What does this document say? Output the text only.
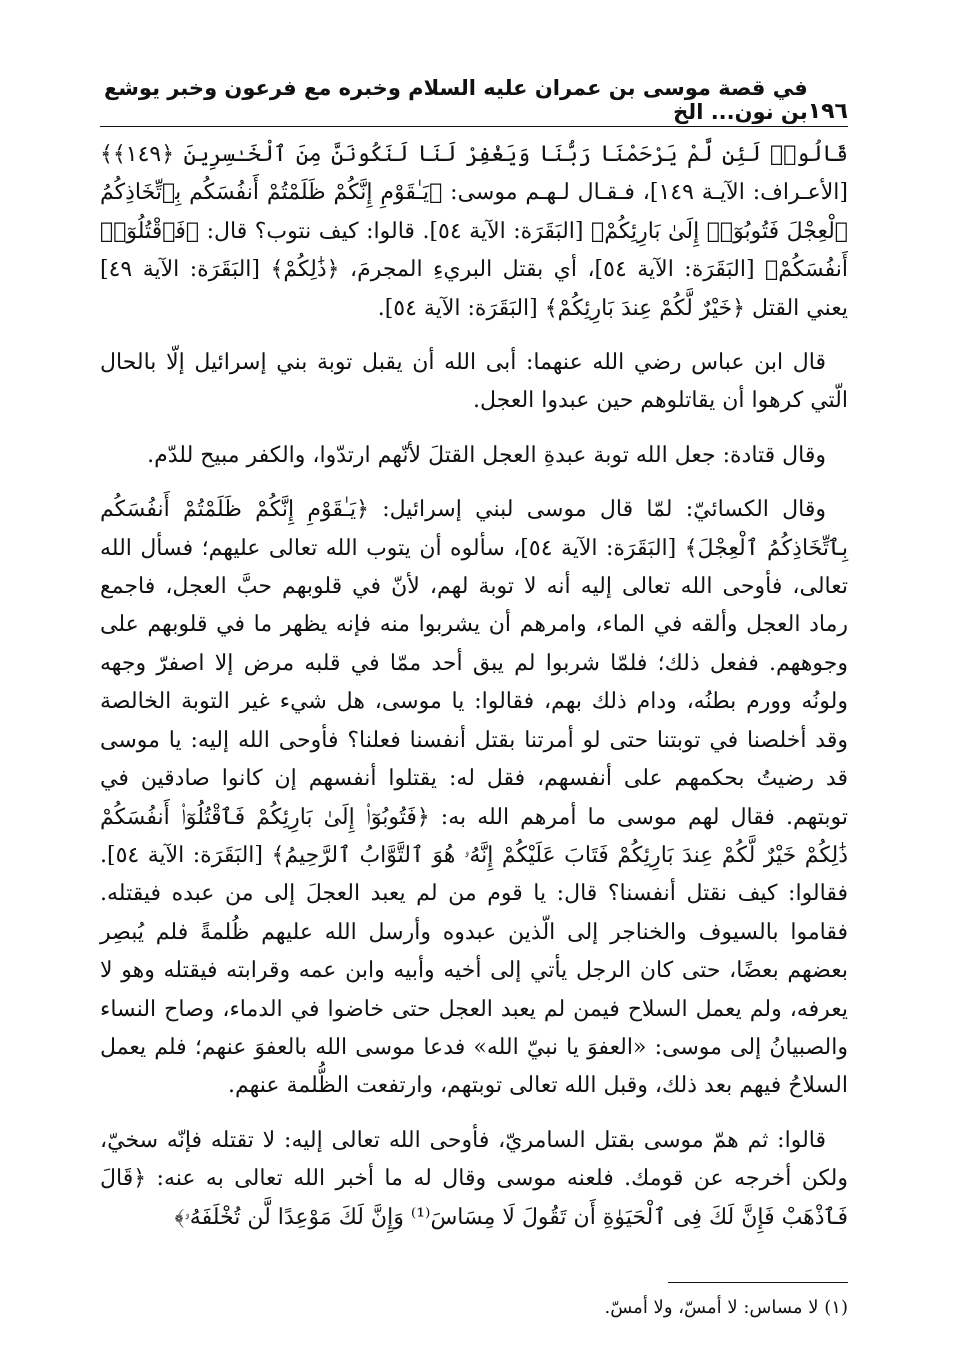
١٩٦
في قصة موسى بن عمران عليه السلام وخبره مع فرعون وخبر يوشع بن نون... الخ

قَالُوا۟ لَئِن لَّمْ يَرْحَمْنَا رَبُّنَا وَيَغْفِرْ لَنَا لَنَكُونَنَّ مِنَ ٱلْخَـٰسِرِينَ ﴿١٤٩﴾﴾ [الأعـراف: الآيـة ١٤٩]، فـقـال لـهـم موسى: ﴿يَـٰقَوْمِ إِنَّكُمْ ظَلَمْتُمْ أَنفُسَكُم بِٱتِّخَاذِكُمُ ٱلْعِجْلَ فَتُوبُوٓا۟ إِلَىٰ بَارِئِكُمْ﴾ [البَقَرَة: الآية ٥٤]. قالوا: كيف نتوب؟ قال: ﴿فَٱقْتُلُوٓا۟ أَنفُسَكُمْ﴾ [البَقَرَة: الآية ٥٤]، أي بقتل البريءِ المجرمَ، ﴿ذَٰلِكُمْ﴾ [البَقَرَة: الآية ٤٩] يعني القتل ﴿خَيْرٌ لَّكُمْ عِندَ بَارِئِكُمْ﴾ [البَقَرَة: الآية ٥٤].

قال ابن عباس رضي الله عنهما: أبى الله أن يقبل توبة بني إسرائيل إلّا بالحال الّتي كرهوا أن يقاتلوهم حين عبدوا العجل.

وقال قتادة: جعل الله توبة عبدةِ العجل القتلَ لأنّهم ارتدّوا، والكفر مبيح للدّم.

وقال الكسائيّ: لمّا قال موسى لبني إسرائيل: ﴿يَـٰقَوْمِ إِنَّكُمْ ظَلَمْتُمْ أَنفُسَكُم بِٱتِّخَاذِكُمُ ٱلْعِجْلَ﴾ [البَقَرَة: الآية ٥٤]، سألوه أن يتوب الله تعالى عليهم؛ فسأل الله تعالى، فأوحى الله تعالى إليه أنه لا توبة لهم، لأنّ في قلوبهم حبَّ العجل، فاجمع رماد العجل وألقه في الماء، وامرهم أن يشربوا منه فإنه يظهر ما في قلوبهم على وجوههم. ففعل ذلك؛ فلمّا شربوا لم يبق أحد ممّا في قلبه مرض إلا اصفرّ وجهه ولونُه وورم بطنُه، ودام ذلك بهم، فقالوا: يا موسى، هل شيء غير التوبة الخالصة وقد أخلصنا في توبتنا حتى لو أمرتنا بقتل أنفسنا فعلنا؟ فأوحى الله إليه: يا موسى قد رضيتُ بحكمهم على أنفسهم، فقل له: يقتلوا أنفسهم إن كانوا صادقين في توبتهم. فقال لهم موسى ما أمرهم الله به: ﴿فَتُوبُوٓا۟ إِلَىٰ بَارِئِكُمْ فَٱقْتُلُوٓا۟ أَنفُسَكُمْ ذَٰلِكُمْ خَيْرٌ لَّكُمْ عِندَ بَارِئِكُمْ فَتَابَ عَلَيْكُمْ إِنَّهُۥ هُوَ ٱلتَّوَّابُ ٱلرَّحِيمُ﴾ [البَقَرَة: الآية ٥٤]. فقالوا: كيف نقتل أنفسنا؟ قال: يا قوم من لم يعبد العجلَ إلى من عبده فيقتله. فقاموا بالسيوف والخناجر إلى الّذين عبدوه وأرسل الله عليهم ظُلمةً فلم يُبصِر بعضهم بعضًا، حتى كان الرجل يأتي إلى أخيه وأبيه وابن عمه وقرابته فيقتله وهو لا يعرفه، ولم يعمل السلاح فيمن لم يعبد العجل حتى خاضوا في الدماء، وصاح النساء والصبيانُ إلى موسى: «العفوَ يا نبيّ الله» فدعا موسى الله بالعفوَ عنهم؛ فلم يعمل السلاحُ فيهم بعد ذلك، وقبل الله تعالى توبتهم، وارتفعت الظُّلمة عنهم.

قالوا: ثم همّ موسى بقتل السامريّ، فأوحى الله تعالى إليه: لا تقتله فإنّه سخيّ، ولكن أخرجه عن قومك. فلعنه موسى وقال له ما أخبر الله تعالى به عنه: ﴿قَالَ فَٱذْهَبْ فَإِنَّ لَكَ فِى ٱلْحَيَوٰةِ أَن تَقُولَ لَا مِسَاسَ⁽¹⁾ وَإِنَّ لَكَ مَوْعِدًا لَّن تُخْلَفَهُۥ﴾

(١) لا مساس: لا أمسّ، ولا أمسّ.
